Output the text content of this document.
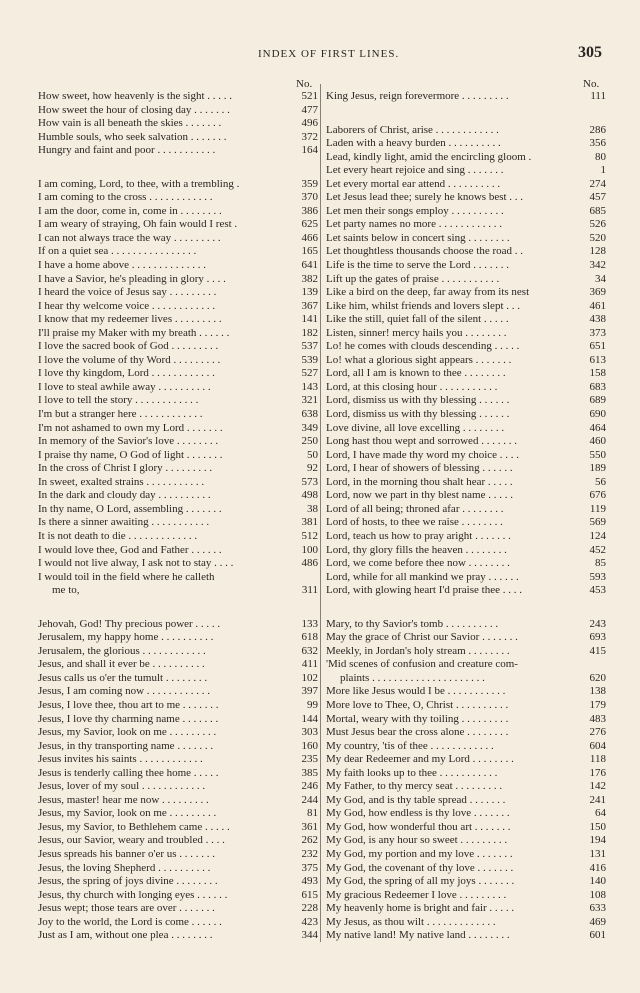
INDEX OF FIRST LINES.	305
No.	No.
How sweet, how heavenly is the sight . . . . .	521
How sweet the hour of closing day . . . . . . .	477
How vain is all beneath the skies . . . . . . .	496
Humble souls, who seek salvation . . . . . . .	372
Hungry and faint and poor . . . . . . . . . . .	164
I am coming, Lord, to thee, with a trembling .	359
I am coming to the cross . . . . . . . . . . . .	370
I am the door, come in, come in . . . . . . . .	386
I am weary of straying, Oh fain would I rest .	625
I can not always trace the way . . . . . . . . .	466
If on a quiet sea . . . . . . . . . . . . . . . .	165
I have a home above . . . . . . . . . . . . . .	641
I have a Savior, he's pleading in glory . . . .	382
I heard the voice of Jesus say . . . . . . . . .	139
I hear thy welcome voice . . . . . . . . . . . .	367
I know that my redeemer lives . . . . . . . . .	141
I'll praise my Maker with my breath . . . . . .	182
I love the sacred book of God . . . . . . . . .	537
I love the volume of thy Word . . . . . . . . .	539
I love thy kingdom, Lord . . . . . . . . . . . .	527
I love to steal awhile away . . . . . . . . . .	143
I love to tell the story . . . . . . . . . . . .	321
I'm but a stranger here . . . . . . . . . . . .	638
I'm not ashamed to own my Lord . . . . . . .	349
In memory of the Savior's love . . . . . . . .	250
I praise thy name, O God of light . . . . . . .	50
In the cross of Christ I glory . . . . . . . . .	92
In sweet, exalted strains . . . . . . . . . . .	573
In the dark and cloudy day . . . . . . . . . .	498
In thy name, O Lord, assembling . . . . . . .	38
Is there a sinner awaiting . . . . . . . . . . .	381
It is not death to die . . . . . . . . . . . . .	512
I would love thee, God and Father . . . . . .	100
I would not live alway, I ask not to stay . . . .	486
I would toil in the field where he calleth
me to,	311
Jehovah, God! Thy precious power . . . . .	133
Jerusalem, my happy home . . . . . . . . . .	618
Jerusalem, the glorious . . . . . . . . . . . .	632
Jesus, and shall it ever be . . . . . . . . . .	411
Jesus calls us o'er the tumult . . . . . . . .	102
Jesus, I am coming now . . . . . . . . . . . .	397
Jesus, I love thee, thou art to me . . . . . . .	99
Jesus, I love thy charming name . . . . . . .	144
Jesus, my Savior, look on me . . . . . . . . .	303
Jesus, in thy transporting name . . . . . . .	160
Jesus invites his saints . . . . . . . . . . . .	235
Jesus is tenderly calling thee home . . . . .	385
Jesus, lover of my soul . . . . . . . . . . . .	246
Jesus, master! hear me now . . . . . . . . .	244
Jesus, my Savior, look on me . . . . . . . . .	81
Jesus, my Savior, to Bethlehem came . . . . .	361
Jesus, our Savior, weary and troubled . . . .	262
Jesus spreads his banner o'er us . . . . . . .	232
Jesus, the loving Shepherd . . . . . . . . . .	375
Jesus, the spring of joys divine . . . . . . . .	493
Jesus, thy church with longing eyes . . . . . .	615
Jesus wept; those tears are over . . . . . . .	228
Joy to the world, the Lord is come . . . . . .	423
Just as I am, without one plea . . . . . . . .	344
King Jesus, reign forevermore . . . . . . . . .	111
Laborers of Christ, arise . . . . . . . . . . . .	286
Laden with a heavy burden . . . . . . . . . .	356
Lead, kindly light, amid the encircling gloom .	80
Let every heart rejoice and sing . . . . . . .	1
Let every mortal ear attend . . . . . . . . . .	274
Let Jesus lead thee; surely he knows best . . .	457
Let men their songs employ . . . . . . . . . .	685
Let party names no more . . . . . . . . . . . .	526
Let saints below in concert sing . . . . . . . .	520
Let thoughtless thousands choose the road . .	128
Life is the time to serve the Lord . . . . . . .	342
Lift up the gates of praise . . . . . . . . . . .	34
Like a bird on the deep, far away from its nest	369
Like him, whilst friends and lovers slept . . .	461
Like the still, quiet fall of the silent . . . . .	438
Listen, sinner! mercy hails you . . . . . . . .	373
Lo! he comes with clouds descending . . . . .	651
Lo! what a glorious sight appears . . . . . . .	613
Lord, all I am is known to thee . . . . . . . .	158
Lord, at this closing hour . . . . . . . . . . .	683
Lord, dismiss us with thy blessing . . . . . .	689
Lord, dismiss us with thy blessing . . . . . .	690
Love divine, all love excelling . . . . . . . .	464
Long hast thou wept and sorrowed . . . . . . .	460
Lord, I have made thy word my choice . . . .	550
Lord, I hear of showers of blessing . . . . . .	189
Lord, in the morning thou shalt hear . . . . .	56
Lord, now we part in thy blest name . . . . .	676
Lord of all being; throned afar . . . . . . . .	119
Lord of hosts, to thee we raise . . . . . . . .	569
Lord, teach us how to pray aright . . . . . . .	124
Lord, thy glory fills the heaven . . . . . . . .	452
Lord, we come before thee now . . . . . . . .	85
Lord, while for all mankind we pray . . . . . .	593
Lord, with glowing heart I'd praise thee . . . .	453
Mary, to thy Savior's tomb . . . . . . . . . .	243
May the grace of Christ our Savior . . . . . . .	693
Meekly, in Jordan's holy stream . . . . . . . .	415
'Mid scenes of confusion and creature com-
plaints . . . . . . . . . . . . . . . . . . . . .	620
More like Jesus would I be . . . . . . . . . . .	138
More love to Thee, O, Christ . . . . . . . . . .	179
Mortal, weary with thy toiling . . . . . . . . .	483
Must Jesus bear the cross alone . . . . . . . .	276
My country, 'tis of thee . . . . . . . . . . . .	604
My dear Redeemer and my Lord . . . . . . . .	118
My faith looks up to thee . . . . . . . . . . .	176
My Father, to thy mercy seat . . . . . . . . .	142
My God, and is thy table spread . . . . . . .	241
My God, how endless is thy love . . . . . . .	64
My God, how wonderful thou art . . . . . . .	150
My God, is any hour so sweet . . . . . . . . .	194
My God, my portion and my love . . . . . . .	131
My God, the covenant of thy love . . . . . . .	416
My God, the spring of all my joys . . . . . . .	140
My gracious Redeemer I love . . . . . . . . .	108
My heavenly home is bright and fair . . . . .	633
My Jesus, as thou wilt . . . . . . . . . . . . .	469
My native land! My native land . . . . . . . .	601
